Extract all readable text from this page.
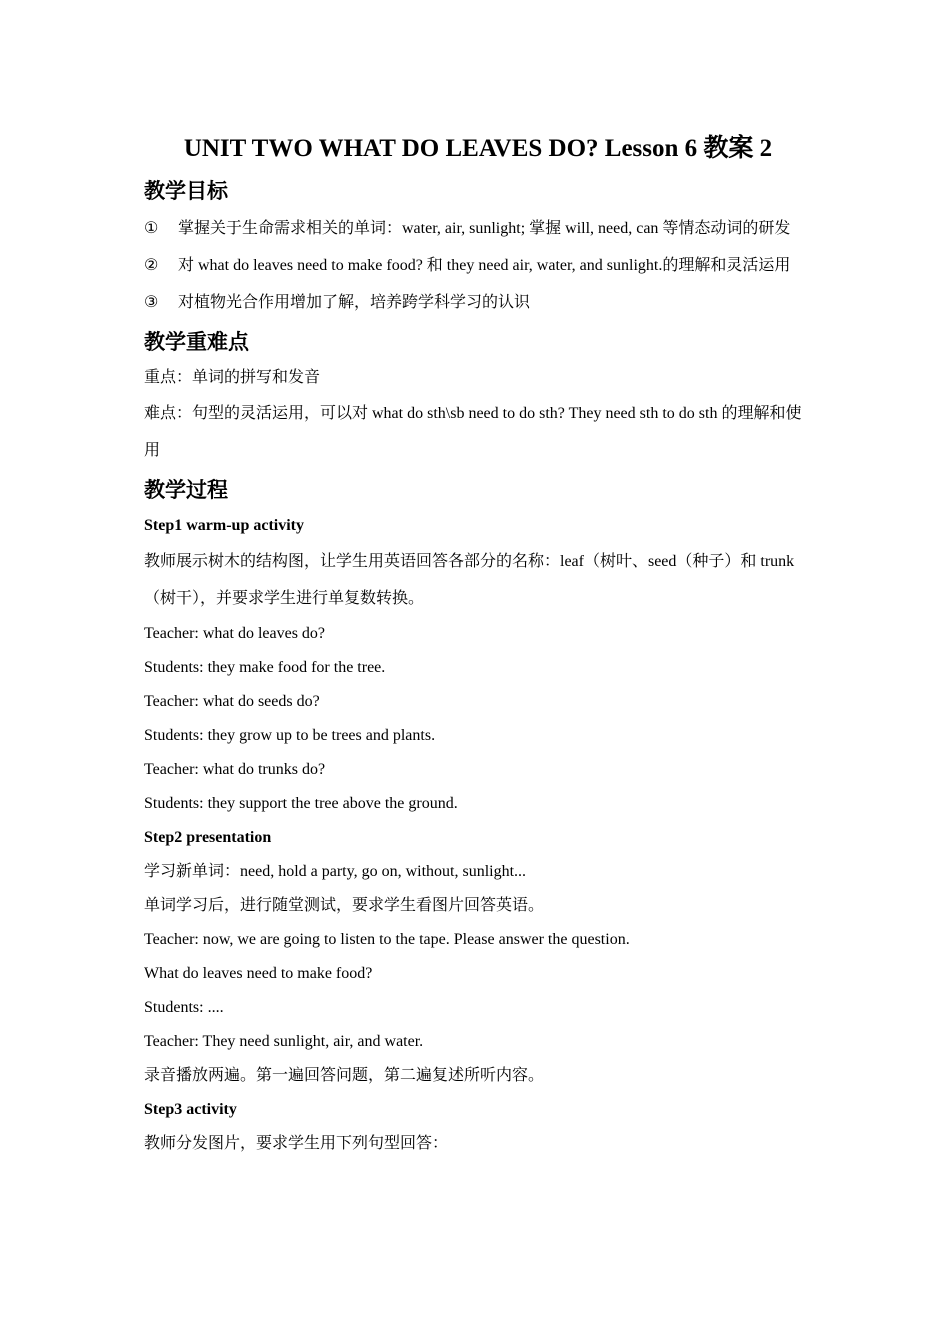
UNIT TWO WHAT DO LEAVES DO? Lesson 6 教案 2
教学目标

① 掌握关于生命需求相关的单词：water, air, sunlight; 掌握 will, need, can 等情态动词的研发

② 对 what do leaves need to make food? 和 they need air, water, and sunlight.的理解和灵活运用

③ 对植物光合作用增加了解，培养跨学科学习的认识

教学重难点

重点：单词的拼写和发音

难点：句型的灵活运用，可以对 what do sth\sb need to do sth? They need sth to do sth 的理解和使用

教学过程

Step1 warm-up activity

教师展示树木的结构图，让学生用英语回答各部分的名称：leaf（树叶、seed（种子）和 trunk（树干），并要求学生进行单复数转换。

Teacher: what do leaves do?

Students: they make food for the tree.

Teacher: what do seeds do?

Students: they grow up to be trees and plants.

Teacher: what do trunks do?

Students: they support the tree above the ground.

Step2 presentation

学习新单词：need, hold a party, go on, without, sunlight...

单词学习后，进行随堂测试，要求学生看图片回答英语。

Teacher: now, we are going to listen to the tape. Please answer the question.

What do leaves need to make food?

Students: ....

Teacher: They need sunlight, air, and water.

录音播放两遍。第一遍回答问题，第二遍复述所听内容。

Step3 activity

教师分发图片，要求学生用下列句型回答：
